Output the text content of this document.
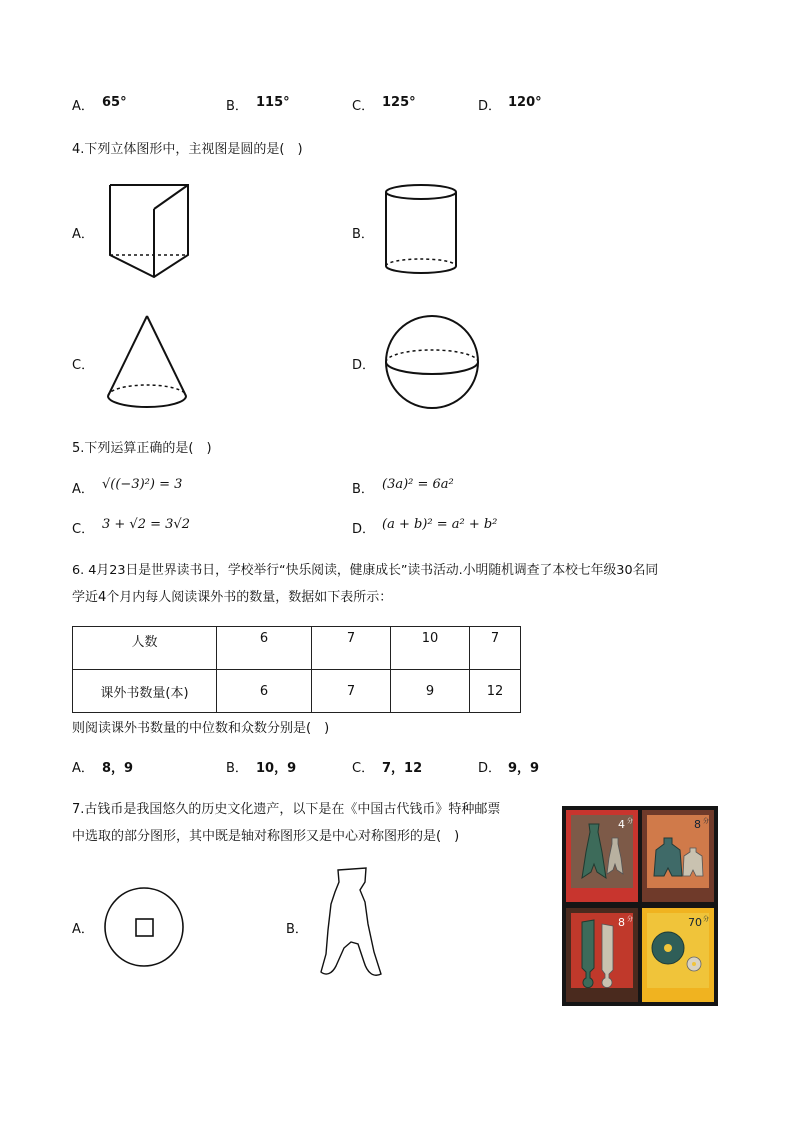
A． 65°	B． 115°	C． 125°	D． 120°
4.下列立体图形中，主视图是圆的是(　)
A．	B．
C．	D．
5.下列运算正确的是(　)
A． √((−3)²) = 3	B． (3a)² = 6a²
C． 3 + √2 = 3√2	D． (a + b)² = a² + b²
6. 4月23日是世界读书日，学校举行“快乐阅读，健康成长”读书活动.小明随机调查了本校七年级30名同
学近4个月内每人阅读课外书的数量，数据如下表所示：
人数	6	7	10	7
课外书数量(本)	6	7	9	12
则阅读课外书数量的中位数和众数分别是(　)
A． 8，9	B． 10，9	C． 7，12	D． 9，9
7.古钱币是我国悠久的历史文化遗产，以下是在《中国古代钱币》特种邮票
中选取的部分图形，其中既是轴对称图形又是中心对称图形的是(　)
A．	B．
4 分	8 分
8 分	70 分
